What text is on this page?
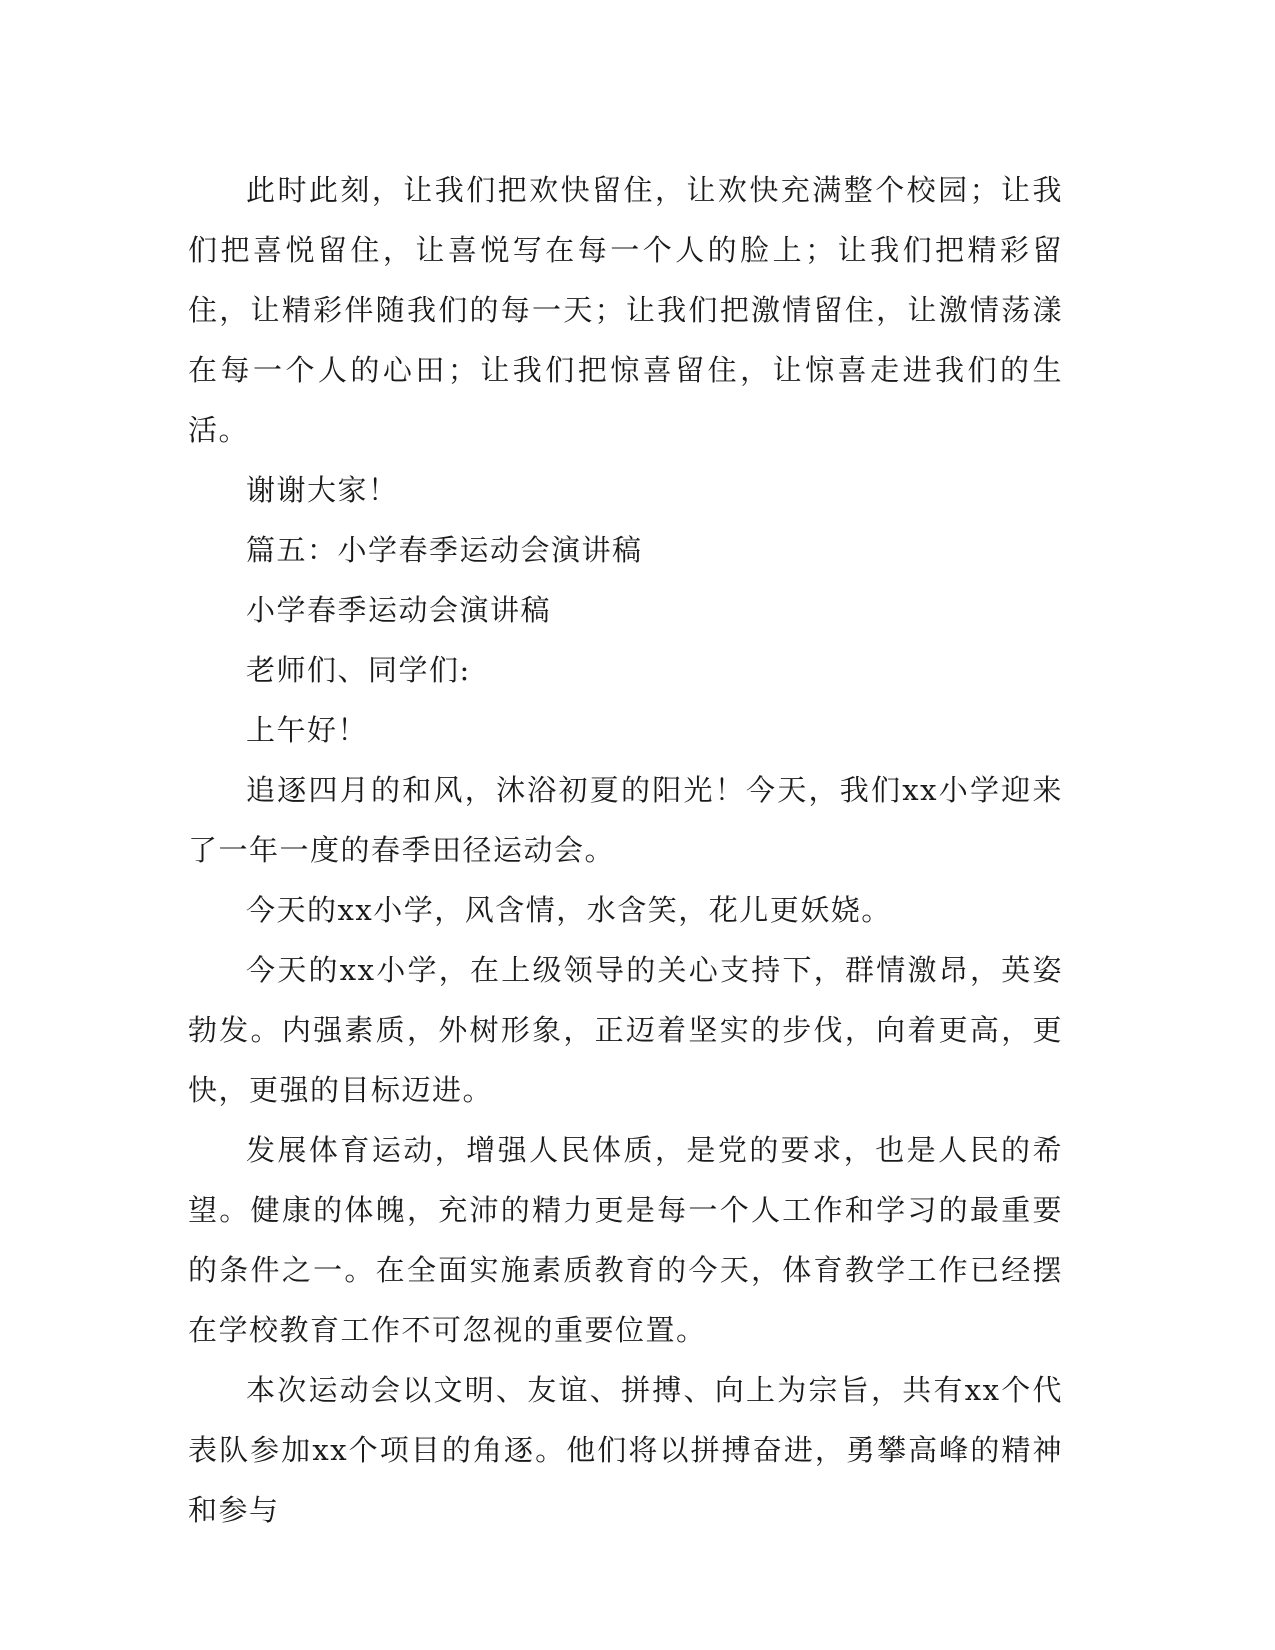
此时此刻，让我们把欢快留住，让欢快充满整个校园；让我们把喜悦留住，让喜悦写在每一个人的脸上；让我们把精彩留住，让精彩伴随我们的每一天；让我们把激情留住，让激情荡漾在每一个人的心田；让我们把惊喜留住，让惊喜走进我们的生活。

谢谢大家！

篇五：小学春季运动会演讲稿

小学春季运动会演讲稿

老师们、同学们:

上午好！

追逐四月的和风，沐浴初夏的阳光！今天，我们xx小学迎来了一年一度的春季田径运动会。

今天的xx小学，风含情，水含笑，花儿更妖娆。

今天的xx小学，在上级领导的关心支持下，群情激昂，英姿勃发。内强素质，外树形象，正迈着坚实的步伐，向着更高，更快，更强的目标迈进。

发展体育运动，增强人民体质，是党的要求，也是人民的希望。健康的体魄，充沛的精力更是每一个人工作和学习的最重要的条件之一。在全面实施素质教育的今天，体育教学工作已经摆在学校教育工作不可忽视的重要位置。

本次运动会以文明、友谊、拼搏、向上为宗旨，共有xx个代表队参加xx个项目的角逐。他们将以拼搏奋进，勇攀高峰的精神和参与
